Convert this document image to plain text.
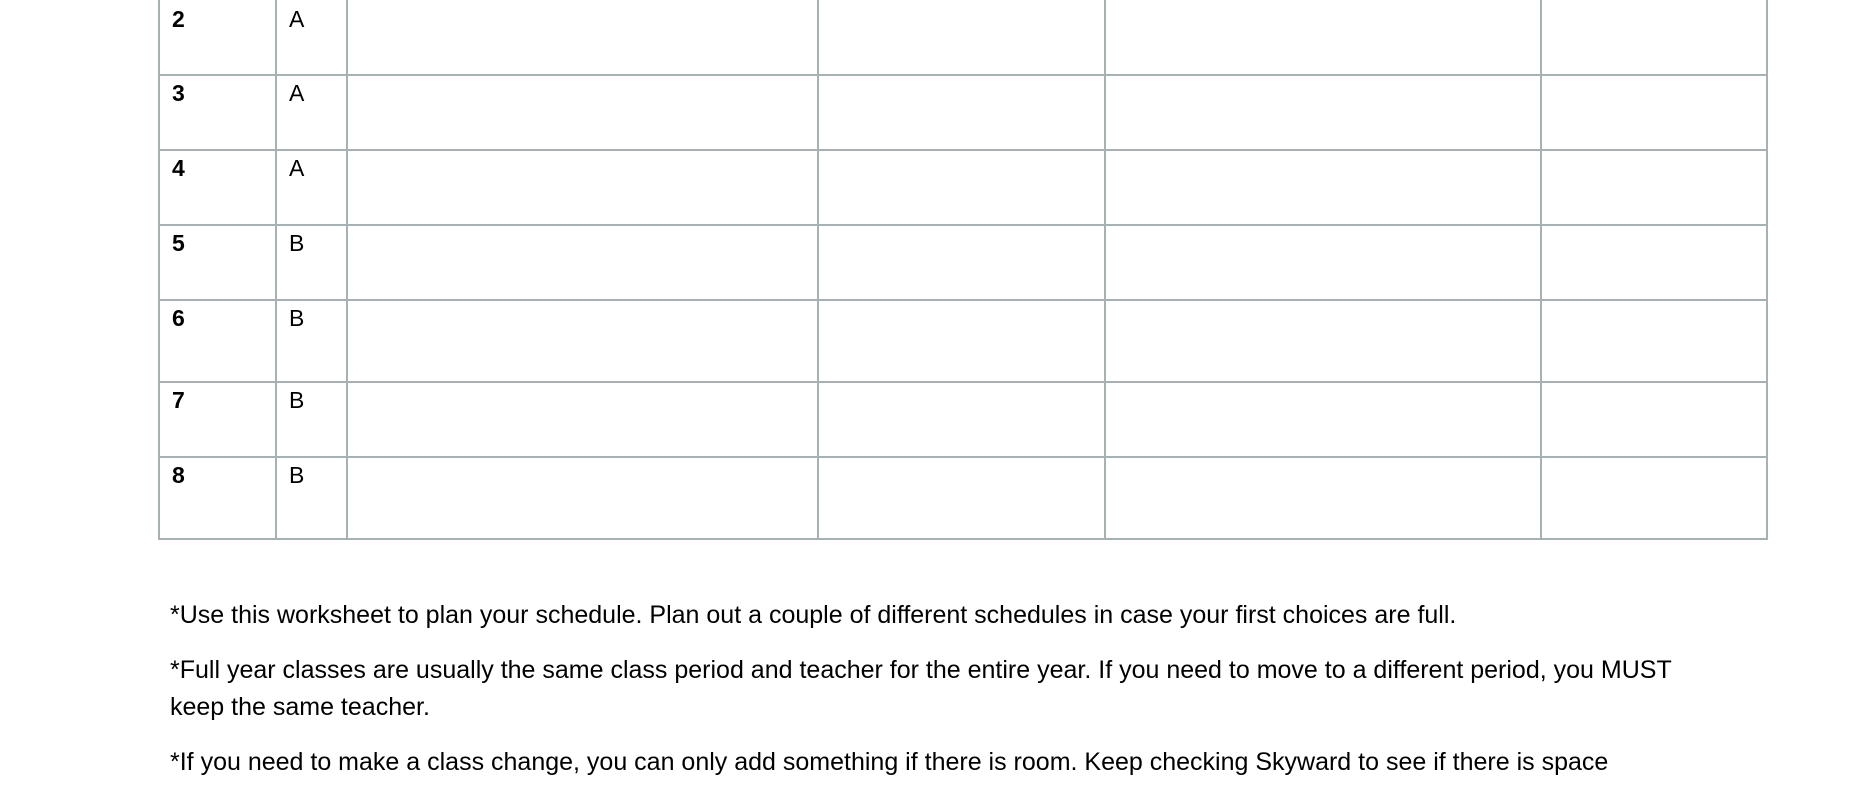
2	A				

3	A				

4	A				

5	B				

6	B				

7	B				

8	B				

*Use this worksheet to plan your schedule. Plan out a couple of different schedules in case your first choices are full.

*Full year classes are usually the same class period and teacher for the entire year. If you need to move to a different period, you MUST keep the same teacher.

*If you need to make a class change, you can only add something if there is room. Keep checking Skyward to see if there is space
